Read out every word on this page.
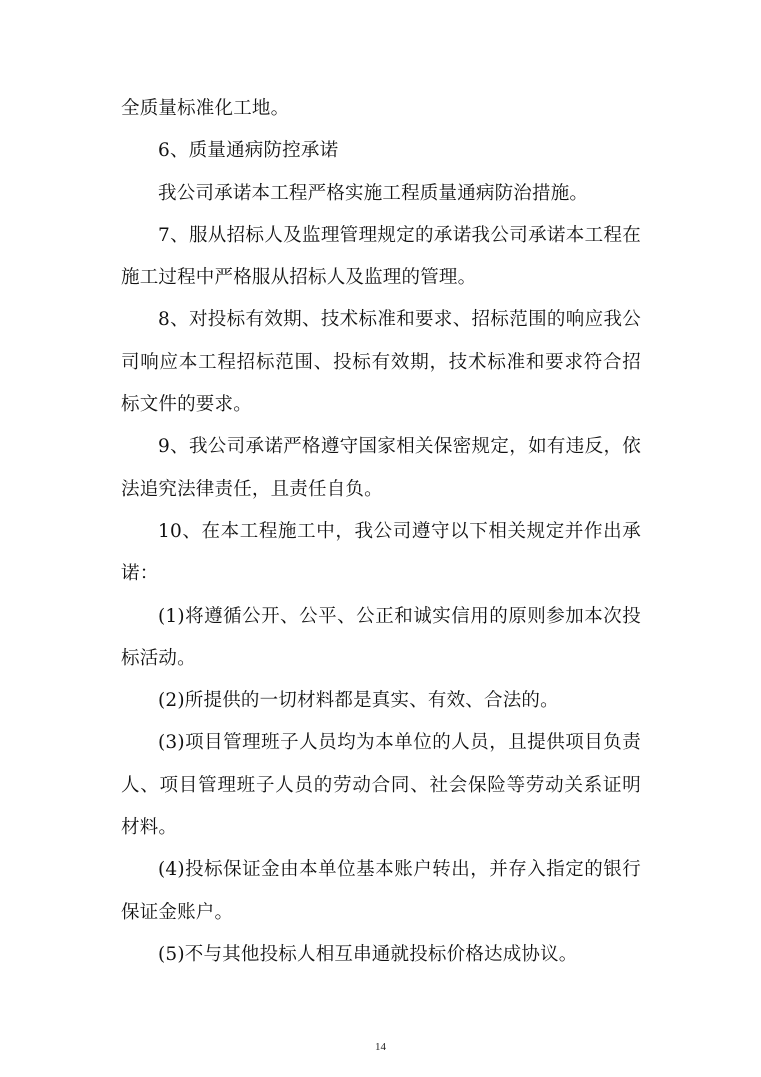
全质量标准化工地。

6、质量通病防控承诺

我公司承诺本工程严格实施工程质量通病防治措施。

7、服从招标人及监理管理规定的承诺我公司承诺本工程在施工过程中严格服从招标人及监理的管理。

8、对投标有效期、技术标准和要求、招标范围的响应我公司响应本工程招标范围、投标有效期，技术标准和要求符合招标文件的要求。

9、我公司承诺严格遵守国家相关保密规定，如有违反，依法追究法律责任，且责任自负。

10、在本工程施工中，我公司遵守以下相关规定并作出承诺：

(1)将遵循公开、公平、公正和诚实信用的原则参加本次投标活动。

(2)所提供的一切材料都是真实、有效、合法的。

(3)项目管理班子人员均为本单位的人员，且提供项目负责人、项目管理班子人员的劳动合同、社会保险等劳动关系证明材料。

(4)投标保证金由本单位基本账户转出，并存入指定的银行保证金账户。

(5)不与其他投标人相互串通就投标价格达成协议。

14
